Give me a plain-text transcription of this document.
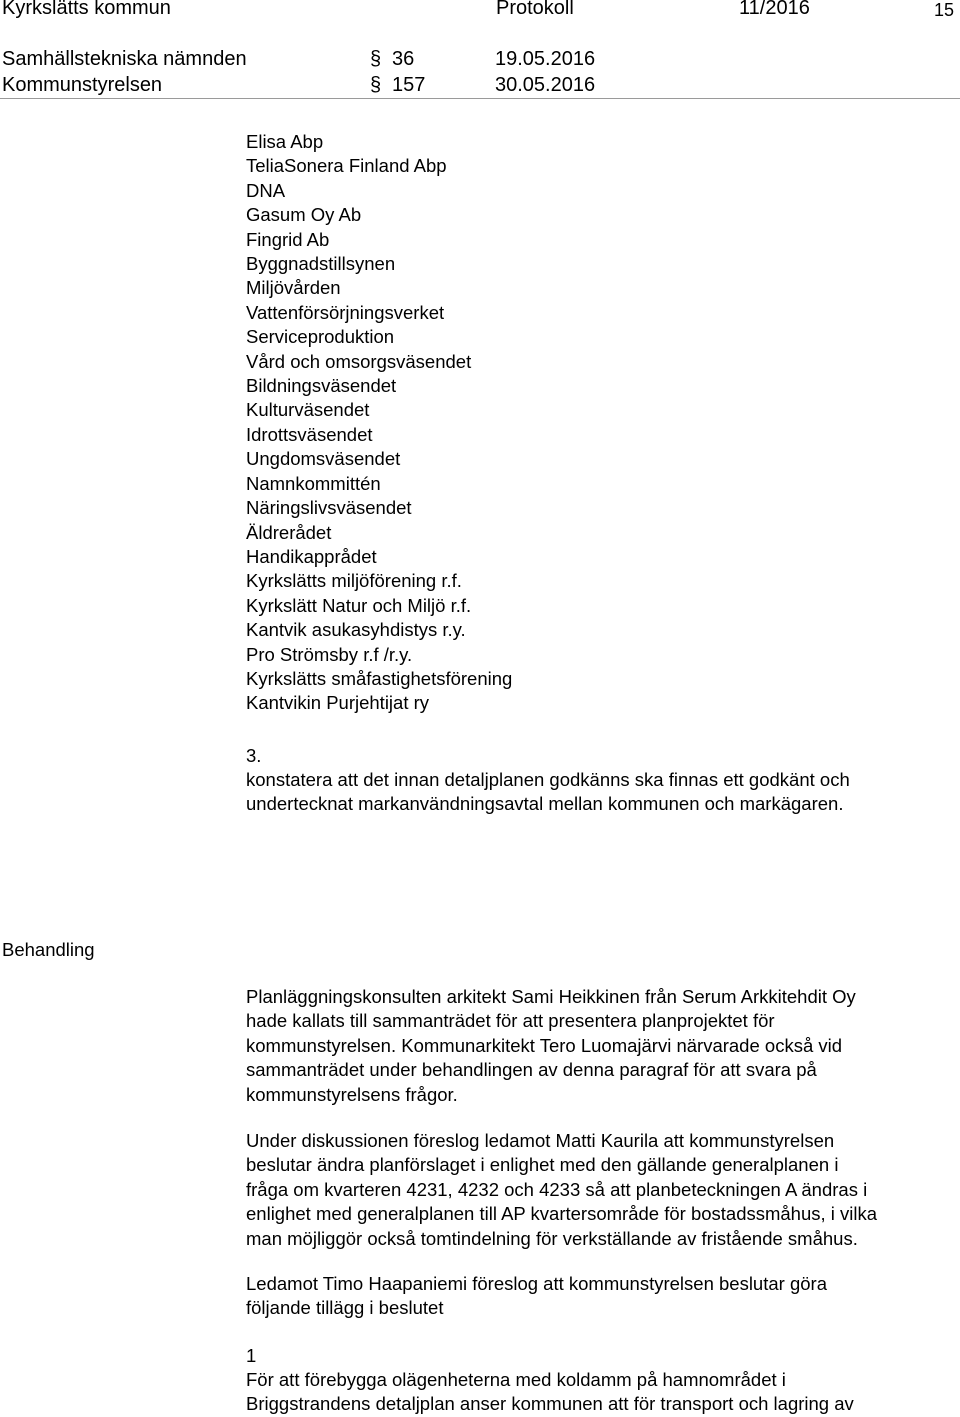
Kyrkslätts kommun	Protokoll	11/2016	15
Samhällstekniska nämnden	§ 36	19.05.2016
Kommunstyrelsen	§ 157	30.05.2016
Elisa Abp
TeliaSonera Finland Abp
DNA
Gasum Oy Ab
Fingrid Ab
Byggnadstillsynen
Miljövården
Vattenförsörjningsverket
Serviceproduktion
Vård och omsorgsväsendet
Bildningsväsendet
Kulturväsendet
Idrottsväsendet
Ungdomsväsendet
Namnkommittén
Näringslivsväsendet
Äldrerådet
Handikapprådet
Kyrkslätts miljöförening r.f.
Kyrkslätt Natur och Miljö r.f.
Kantvik asukasyhdistys r.y.
Pro Strömsby r.f /r.y.
Kyrkslätts småfastighetsförening
Kantvikin Purjehtijat ry
3.
konstatera att det innan detaljplanen godkänns ska finnas ett godkänt och
undertecknat markanvändningsavtal mellan kommunen och markägaren.
Behandling
Planläggningskonsulten arkitekt Sami Heikkinen från Serum Arkkitehdit Oy
hade kallats till sammanträdet för att presentera planprojektet för
kommunstyrelsen. Kommunarkitekt Tero Luomajärvi närvarade också vid
sammanträdet under behandlingen av denna paragraf för att svara på
kommunstyrelsens frågor.
Under diskussionen föreslog ledamot Matti Kaurila att kommunstyrelsen
beslutar ändra planförslaget i enlighet med den gällande generalplanen i
fråga om kvarteren 4231, 4232 och 4233 så att planbeteckningen A ändras i
enlighet med generalplanen till AP kvartersområde för bostadssmåhus, i vilka
man möjliggör också tomtindelning för verkställande av fristående småhus.
Ledamot Timo Haapaniemi föreslog att kommunstyrelsen beslutar göra
följande tillägg i beslutet
1
För att förebygga olägenheterna med koldamm på hamnområdet i
Briggstrandens detaljplan anser kommunen att för transport och lagring av
